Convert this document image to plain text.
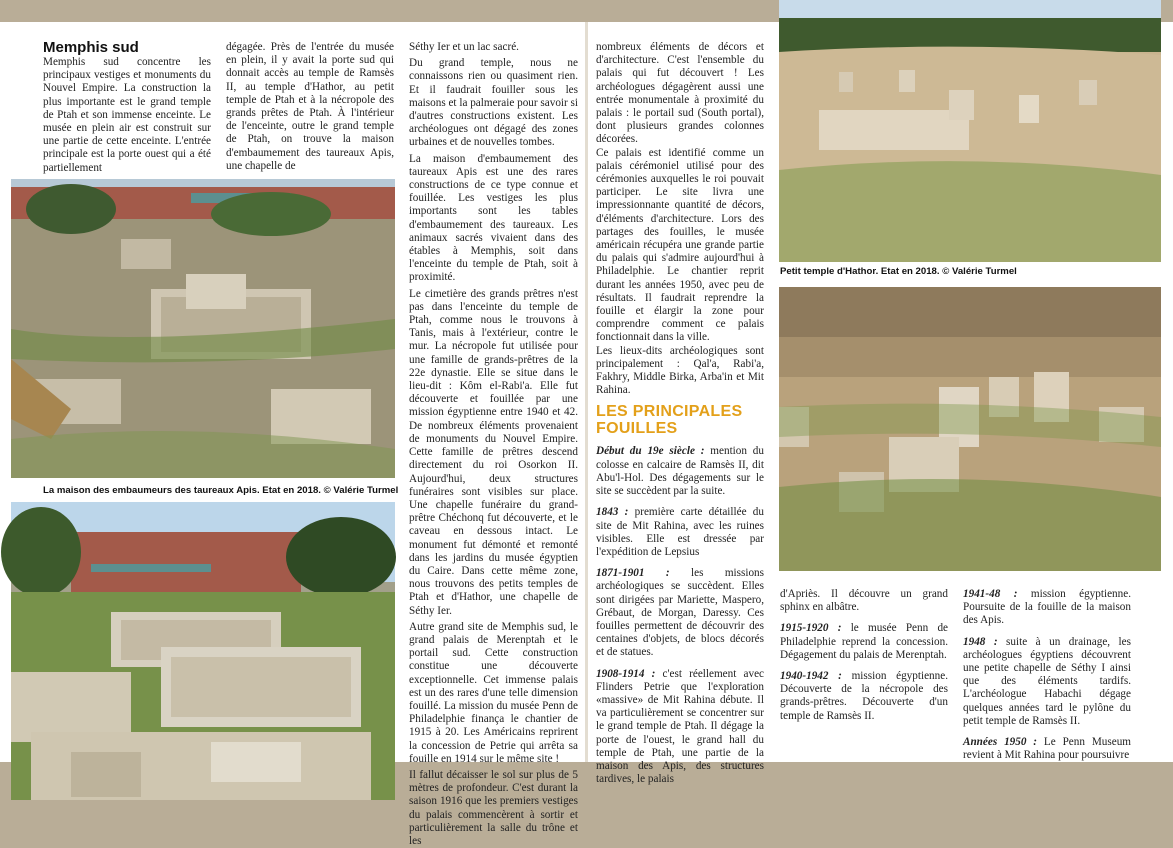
Memphis sud

Memphis sud concentre les principaux vestiges et monuments du Nouvel Empire. La construction la plus importante est le grand temple de Ptah et son immense enceinte. Le musée en plein air est construit sur une partie de cette enceinte. L'entrée principale est la porte ouest qui a été partiellement

dégagée. Près de l'entrée du musée en plein, il y avait la porte sud qui donnait accès au temple de Ramsès II, au temple d'Hathor, au petit temple de Ptah et à la nécropole des grands prêtes de Ptah. À l'intérieur de l'enceinte, outre le grand temple de Ptah, on trouve la maison d'embaumement des taureaux Apis, une chapelle de

La maison des embaumeurs des taureaux Apis. Etat en 2018. © Valérie Turmel

Séthy Ier et un lac sacré.

Du grand temple, nous ne connaissons rien ou quasiment rien. Et il faudrait fouiller sous les maisons et la palmeraie pour savoir si d'autres constructions existent. Les archéologues ont dégagé des zones urbaines et de nouvelles tombes.

La maison d'embaumement des taureaux Apis est une des rares constructions de ce type connue et fouillée. Les vestiges les plus importants sont les tables d'embaumement des taureaux. Les animaux sacrés vivaient dans des étables à Memphis, soit dans l'enceinte du temple de Ptah, soit à proximité.

Le cimetière des grands prêtres n'est pas dans l'enceinte du temple de Ptah, comme nous le trouvons à Tanis, mais à l'extérieur, contre le mur. La nécropole fut utilisée pour une famille de grands-prêtres de la 22e dynastie. Elle se situe dans le lieu-dit : Kôm el-Rabi'a. Elle fut découverte et fouillée par une mission égyptienne entre 1940 et 42. De nombreux éléments provenaient de monuments du Nouvel Empire. Cette famille de prêtres descend directement du roi Osorkon II. Aujourd'hui, deux structures funéraires sont visibles sur place. Une chapelle funéraire du grand-prêtre Chéchonq fut découverte, et le caveau en dessous intact. Le monument fut démonté et remonté dans les jardins du musée égyptien du Caire. Dans cette même zone, nous trouvons des petits temples de Ptah et d'Hathor, une chapelle de Séthy Ier.

Autre grand site de Memphis sud, le grand palais de Merenptah et le portail sud. Cette construction constitue une découverte exceptionnelle. Cet immense palais est un des rares d'une telle dimension fouillé. La mission du musée Penn de Philadelphie finança le chantier de 1915 à 20. Les Américains reprirent la concession de Petrie qui arrêta sa fouille en 1914 sur le même site !

Il fallut décaisser le sol sur plus de 5 mètres de profondeur. C'est durant la saison 1916 que les premiers vestiges du palais commencèrent à sortir et particulièrement la salle du trône et les

nombreux éléments de décors et d'architecture. C'est l'ensemble du palais qui fut découvert ! Les archéologues dégagèrent aussi une entrée monumentale à proximité du palais : le portail sud (South portal), dont plusieurs grandes colonnes décorées.

Ce palais est identifié comme un palais cérémoniel utilisé pour des cérémonies auxquelles le roi pouvait participer. Le site livra une impressionnante quantité de décors, d'éléments d'architecture. Lors des partages des fouilles, le musée américain récupéra une grande partie du palais qui s'admire aujourd'hui à Philadelphie. Le chantier reprit durant les années 1950, avec peu de résultats. Il faudrait reprendre la fouille et élargir la zone pour comprendre comment ce palais fonctionnait dans la ville.

Les lieux-dits archéologiques sont principalement : Qal'a, Rabi'a, Fakhry, Middle Birka, Arba'in et Mit Rahina.

LES PRINCIPALES
FOUILLES

Début du 19e siècle : mention du colosse en calcaire de Ramsès II, dit Abu'l-Hol. Des dégagements sur le site se succèdent par la suite.

1843 : première carte détaillée du site de Mit Rahina, avec les ruines visibles. Elle est dressée par l'expédition de Lepsius

1871-1901 : les missions archéologiques se succèdent. Elles sont dirigées par Mariette, Maspero, Grébaut, de Morgan, Daressy. Ces fouilles permettent de découvrir des centaines d'objets, de blocs décorés et de statues.

1908-1914 : c'est réellement avec Flinders Petrie que l'exploration «massive» de Mit Rahina débute. Il va particulièrement se concentrer sur le grand temple de Ptah. Il dégage la porte de l'ouest, le grand hall du temple de Ptah, une partie de la maison des Apis, des structures tardives, le palais

Petit temple d'Hathor. Etat en 2018. © Valérie Turmel

d'Apriès. Il découvre un grand sphinx en albâtre.

1915-1920 : le musée Penn de Philadelphie reprend la concession. Dégagement du palais de Merenptah.

1940-1942 : mission égyptienne. Découverte de la nécropole des grands-prêtres. Découverte d'un temple de Ramsès II.

1941-48 : mission égyptienne. Poursuite de la fouille de la maison des Apis.

1948 : suite à un drainage, les archéologues égyptiens découvrent une petite chapelle de Séthy I ainsi que des éléments tardifs. L'archéologue Habachi dégage quelques années tard le pylône du petit temple de Ramsès II.

Années 1950 : Le Penn Museum revient à Mit Rahina pour poursuivre
